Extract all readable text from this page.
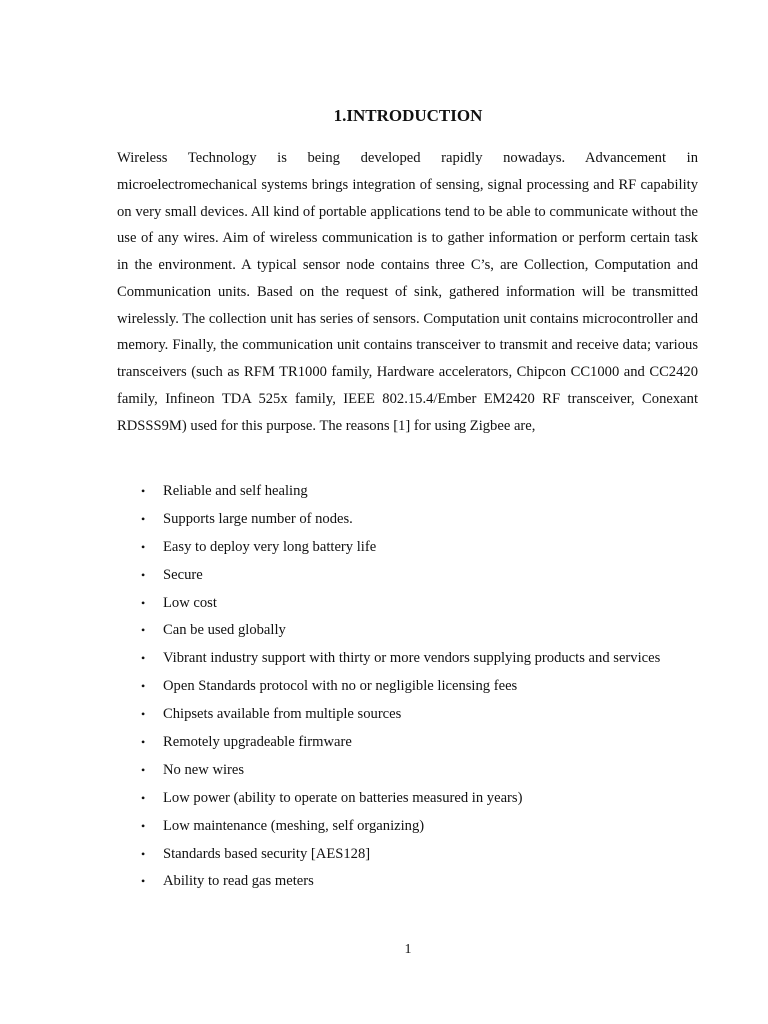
1.INTRODUCTION

Wireless Technology is being developed rapidly nowadays. Advancement in microelectromechanical systems brings integration of sensing, signal processing and RF capability on very small devices. All kind of portable applications tend to be able to communicate without the use of any wires. Aim of wireless communication is to gather information or perform certain task in the environment. A typical sensor node contains three C’s, are Collection, Computation and Communication units. Based on the request of sink, gathered information will be transmitted wirelessly. The collection unit has series of sensors. Computation unit contains microcontroller and memory. Finally, the communication unit contains transceiver to transmit and receive data; various transceivers (such as RFM TR1000 family, Hardware accelerators, Chipcon CC1000 and CC2420 family, Infineon TDA 525x family, IEEE 802.15.4/Ember EM2420 RF transceiver, Conexant RDSSS9M) used for this purpose. The reasons [1] for using Zigbee are,

• Reliable and self healing
• Supports large number of nodes.
• Easy to deploy very long battery life
• Secure
• Low cost
• Can be used globally
• Vibrant industry support with thirty or more vendors supplying products and services
• Open Standards protocol with no or negligible licensing fees
• Chipsets available from multiple sources
• Remotely upgradeable firmware
• No new wires
• Low power (ability to operate on batteries measured in years)
• Low maintenance (meshing, self organizing)
• Standards based security [AES128]
• Ability to read gas meters
1
